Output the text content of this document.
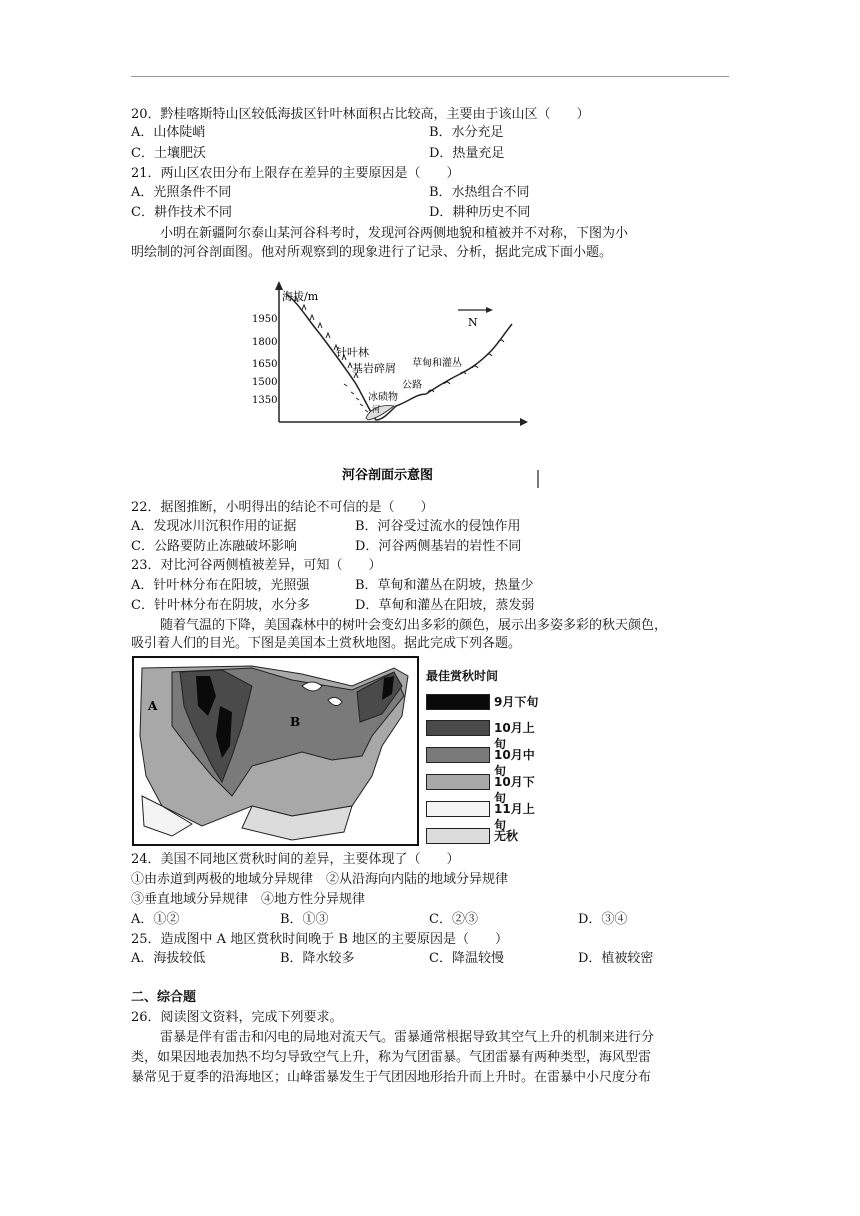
20．黔桂喀斯特山区较低海拔区针叶林面积占比较高，主要由于该山区（　　）
A．山体陡峭	B．水分充足
C．土壤肥沃	D．热量充足
21．两山区农田分布上限存在差异的主要原因是（　　）
A．光照条件不同	B．水热组合不同
C．耕作技术不同	D．耕种历史不同
小明在新疆阿尔泰山某河谷科考时，发现河谷两侧地貌和植被并不对称，下图为小
明绘制的河谷剖面图。他对所观察到的现象进行了记录、分析，据此完成下面小题。
海拔/m
1950
1800
1650
1500
1350
N
针叶林
基岩碎屑
冰碛物
河
公路
草甸和灌丛
河谷剖面示意图
22．据图推断，小明得出的结论不可信的是（　　）
A．发现冰川沉积作用的证据	B．河谷受过流水的侵蚀作用
C．公路要防止冻融破坏影响	D．河谷两侧基岩的岩性不同
23．对比河谷两侧植被差异，可知（　　）
A．针叶林分布在阳坡，光照强	B．草甸和灌丛在阴坡，热量少
C．针叶林分布在阴坡，水分多	D．草甸和灌丛在阳坡，蒸发弱
随着气温的下降，美国森林中的树叶会变幻出多彩的颜色，展示出多姿多彩的秋天颜色，
吸引着人们的目光。下图是美国本土赏秋地图。据此完成下列各题。
A
B
最佳赏秋时间
9月下旬
10月上旬
10月中旬
10月下旬
11月上旬
无秋
24．美国不同地区赏秋时间的差异，主要体现了（　　）
①由赤道到两极的地域分异规律　②从沿海向内陆的地域分异规律
③垂直地域分异规律　④地方性分异规律
A．①②	B．①③	C．②③	D．③④
25．造成图中 A 地区赏秋时间晚于 B 地区的主要原因是（　　）
A．海拔较低	B．降水较多	C．降温较慢	D．植被较密
二、综合题
26．阅读图文资料，完成下列要求。
雷暴是伴有雷击和闪电的局地对流天气。雷暴通常根据导致其空气上升的机制来进行分
类，如果因地表加热不均匀导致空气上升，称为气团雷暴。气团雷暴有两种类型，海风型雷
暴常见于夏季的沿海地区；山峰雷暴发生于气团因地形抬升而上升时。在雷暴中小尺度分布
